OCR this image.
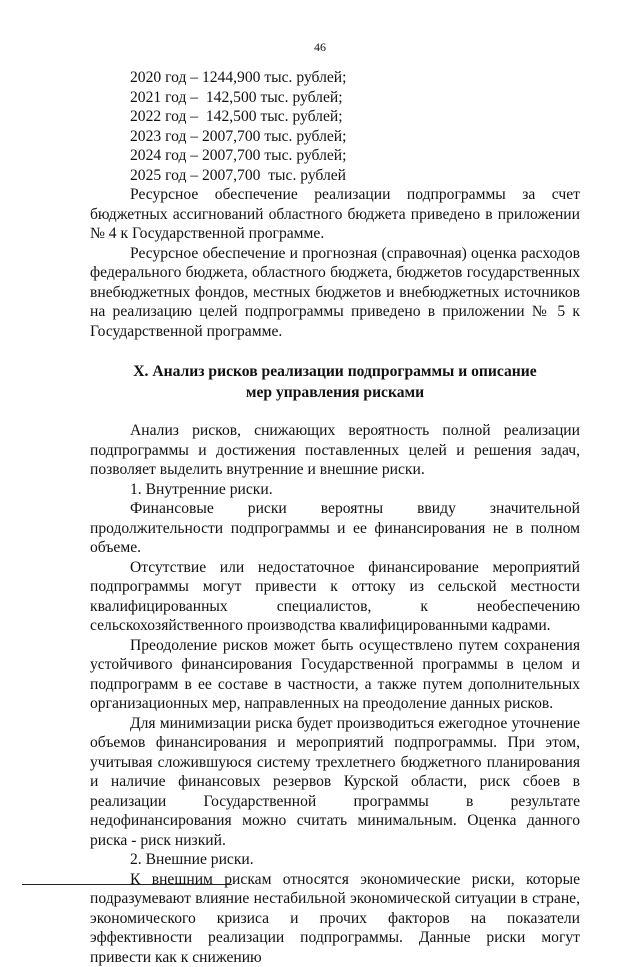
46
2020 год – 1244,900 тыс. рублей;
2021 год –  142,500 тыс. рублей;
2022 год –  142,500 тыс. рублей;
2023 год – 2007,700 тыс. рублей;
2024 год – 2007,700 тыс. рублей;
2025 год – 2007,700  тыс. рублей

Ресурсное обеспечение реализации подпрограммы за счет бюджетных ассигнований областного бюджета приведено в приложении № 4 к Государственной программе.

Ресурсное обеспечение и прогнозная (справочная) оценка расходов федерального бюджета, областного бюджета, бюджетов государственных внебюджетных фондов, местных бюджетов и внебюджетных источников на реализацию целей подпрограммы приведено в приложении № 5 к Государственной программе.

X. Анализ рисков реализации подпрограммы и описание
мер управления рисками

Анализ рисков, снижающих вероятность полной реализации подпрограммы и достижения поставленных целей и решения задач, позволяет выделить внутренние и внешние риски.

1. Внутренние риски.

Финансовые риски вероятны ввиду значительной продолжительности подпрограммы и ее финансирования не в полном объеме.

Отсутствие или недостаточное финансирование мероприятий подпрограммы могут привести к оттоку из сельской местности квалифицированных специалистов, к необеспечению сельскохозяйственного производства квалифицированными кадрами.

Преодоление рисков может быть осуществлено путем сохранения устойчивого финансирования Государственной программы в целом и подпрограмм в ее составе в частности, а также путем дополнительных организационных мер, направленных на преодоление данных рисков.

Для минимизации риска будет производиться ежегодное уточнение объемов финансирования и мероприятий подпрограммы. При этом, учитывая сложившуюся систему трехлетнего бюджетного планирования и наличие финансовых резервов Курской области, риск сбоев в реализации Государственной программы в результате недофинансирования можно считать минимальным. Оценка данного риска - риск низкий.

2. Внешние риски.

К внешним рискам относятся экономические риски, которые подразумевают влияние нестабильной экономической ситуации в стране, экономического кризиса и прочих факторов на показатели эффективности реализации подпрограммы. Данные риски могут привести как к снижению
